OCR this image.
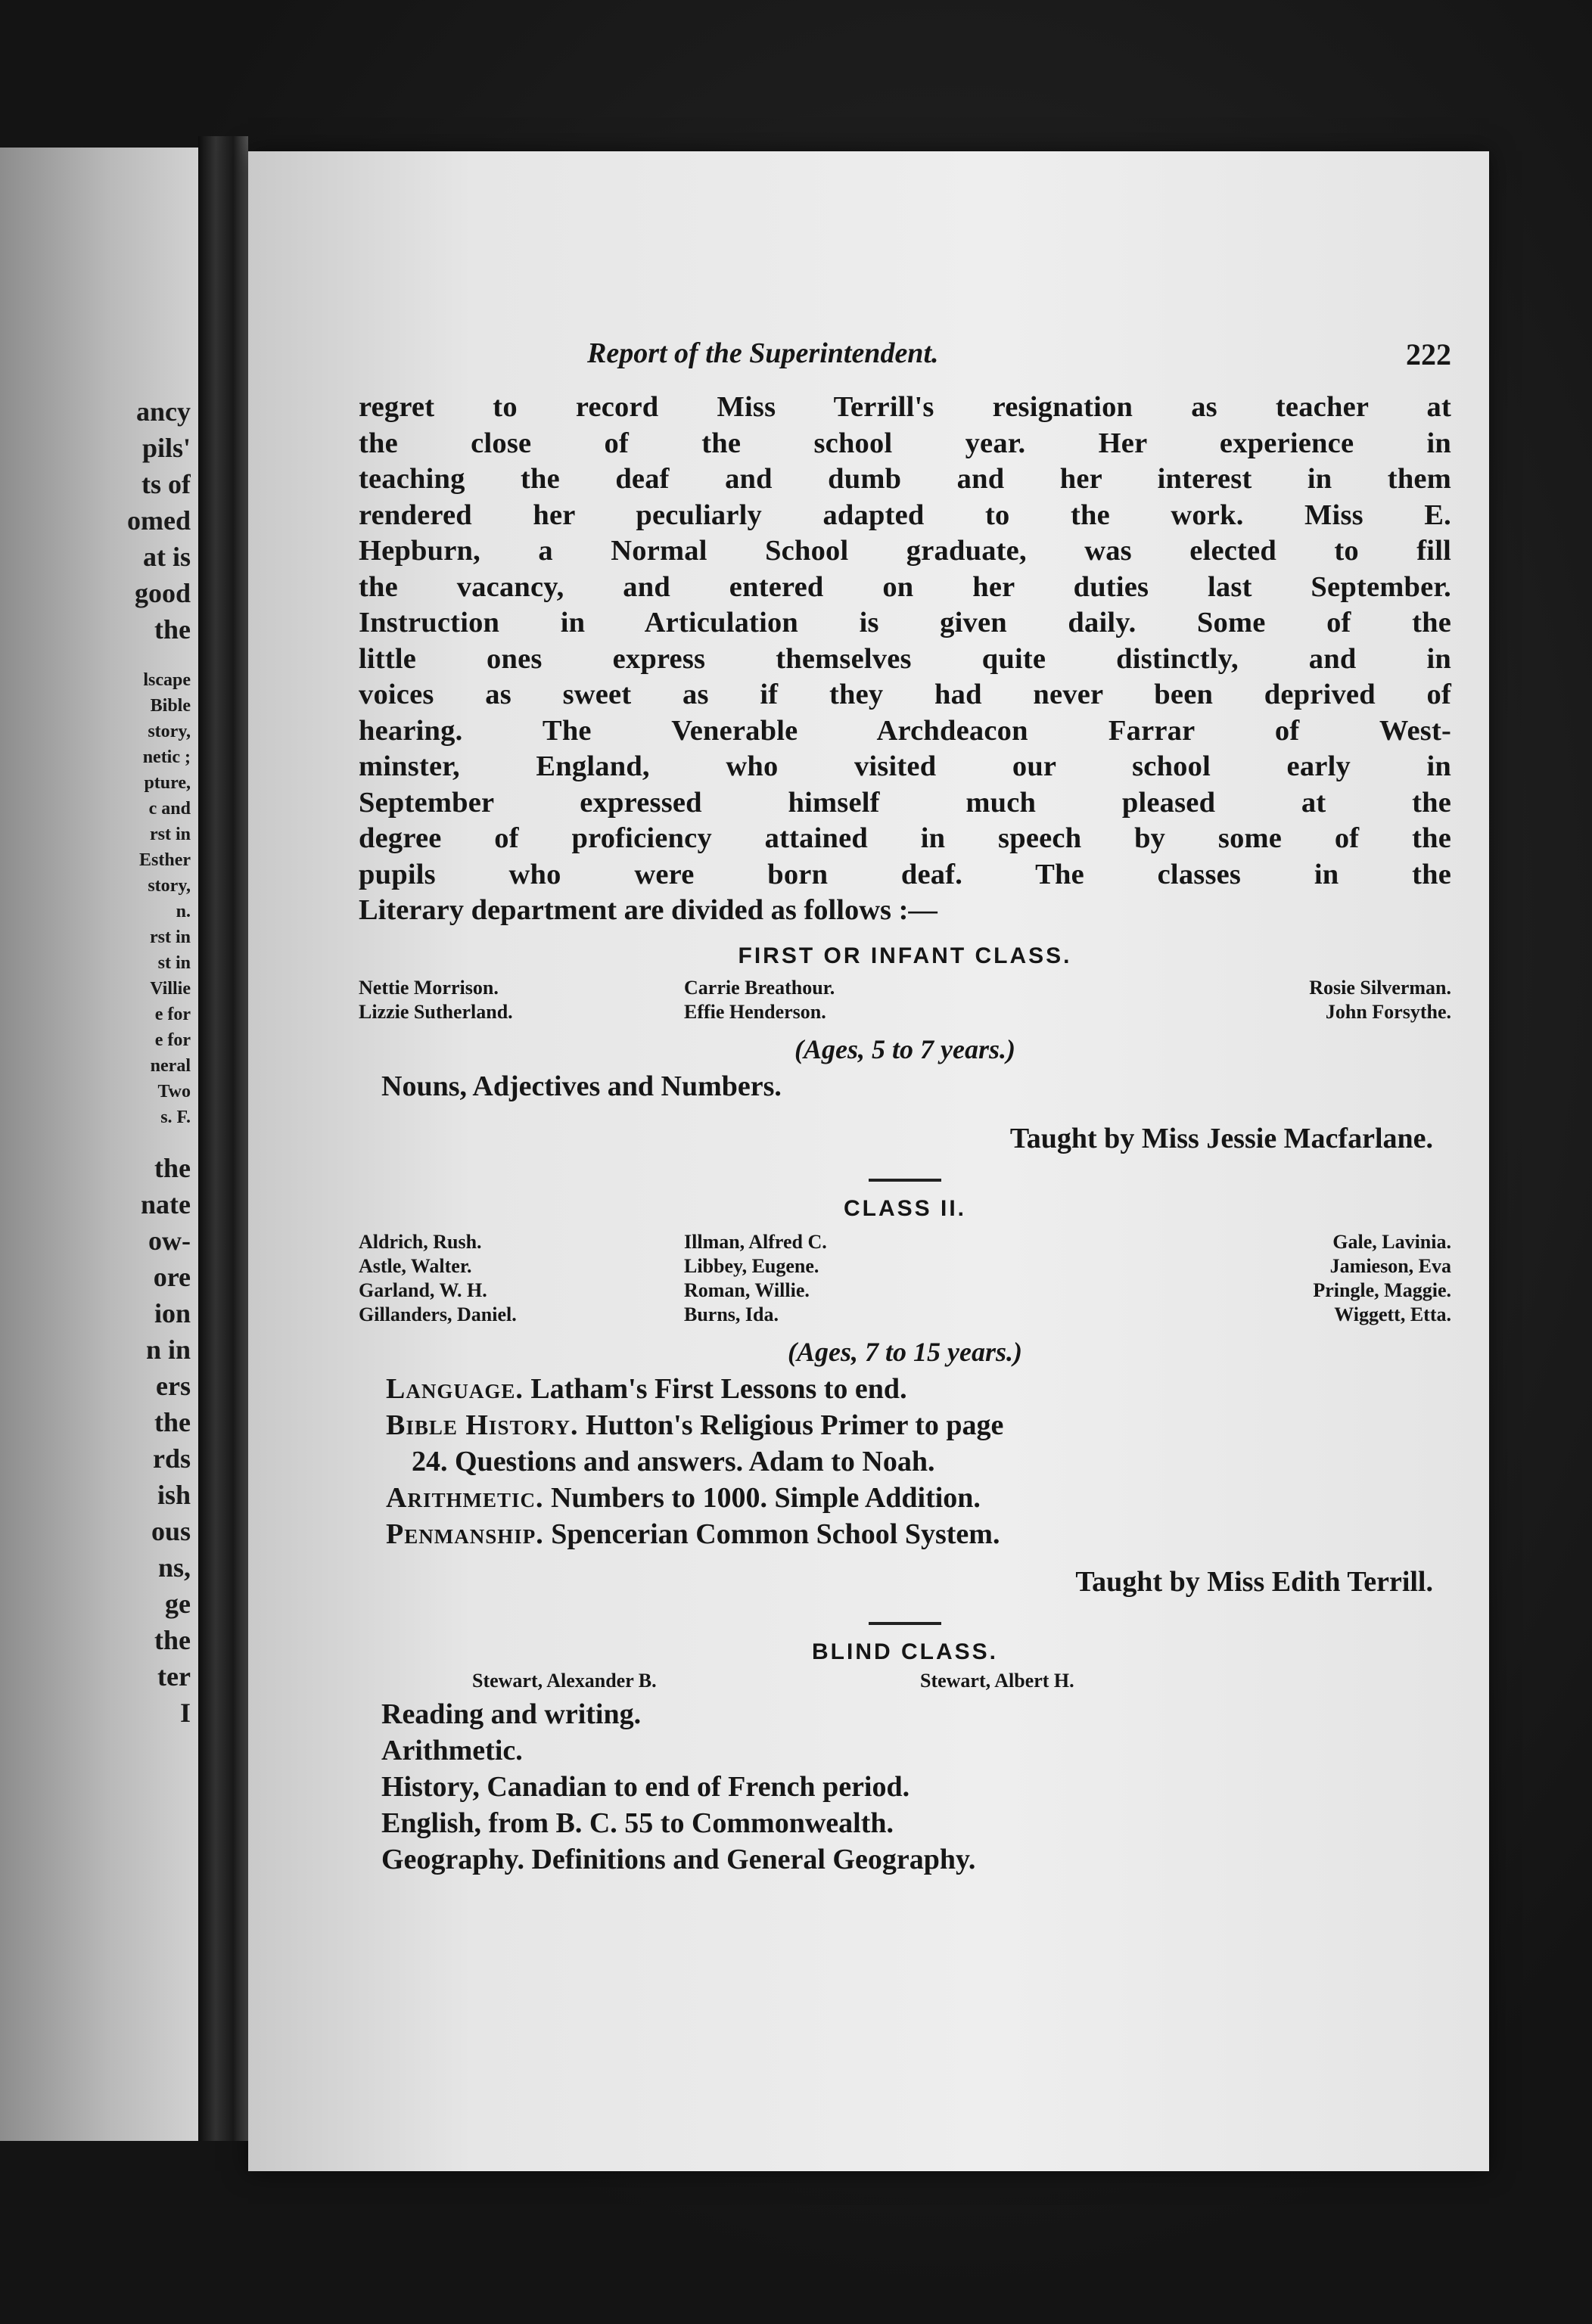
ancy
pils'
ts of
omed
at is
good
the
lscape
Bible
story,
netic ;
pture,
c and
rst in
Esther
story,
n.
rst in
st in
Villie
e for
e for
neral
Two
s. F.
the
nate
ow-
ore
ion
n in
ers
the
rds
ish
ous
ns,
ge
the
ter
I
Report of the Superintendent.	222
regret to record Miss Terrill's resignation as teacher at
the close of the school year. Her experience in
teaching the deaf and dumb and her interest in them
rendered her peculiarly adapted to the work. Miss E.
Hepburn, a Normal School graduate, was elected to fill
the vacancy, and entered on her duties last September.
Instruction in Articulation is given daily. Some of the
little ones express themselves quite distinctly, and in
voices as sweet as if they had never been deprived of
hearing. The Venerable Archdeacon Farrar of West-
minster, England, who visited our school early in
September expressed himself much pleased at the
degree of proficiency attained in speech by some of the
pupils who were born deaf. The classes in the
Literary department are divided as follows :—
FIRST OR INFANT CLASS.
Nettie Morrison.	Carrie Breathour.	Rosie Silverman.
Lizzie Sutherland.	Effie Henderson.	John Forsythe.
(Ages, 5 to 7 years.)
Nouns, Adjectives and Numbers.
Taught by Miss Jessie Macfarlane.
CLASS II.
Aldrich, Rush.	Illman, Alfred C.	Gale, Lavinia.
Astle, Walter.	Libbey, Eugene.	Jamieson, Eva
Garland, W. H.	Roman, Willie.	Pringle, Maggie.
Gillanders, Daniel.	Burns, Ida.	Wiggett, Etta.
(Ages, 7 to 15 years.)
Language. Latham's First Lessons to end.
Bible History. Hutton's Religious Primer to page
24. Questions and answers. Adam to Noah.
Arithmetic. Numbers to 1000. Simple Addition.
Penmanship. Spencerian Common School System.
Taught by Miss Edith Terrill.
BLIND CLASS.
Stewart, Alexander B.	Stewart, Albert H.
Reading and writing.
Arithmetic.
History, Canadian to end of French period.
English, from B. C. 55 to Commonwealth.
Geography. Definitions and General Geography.
